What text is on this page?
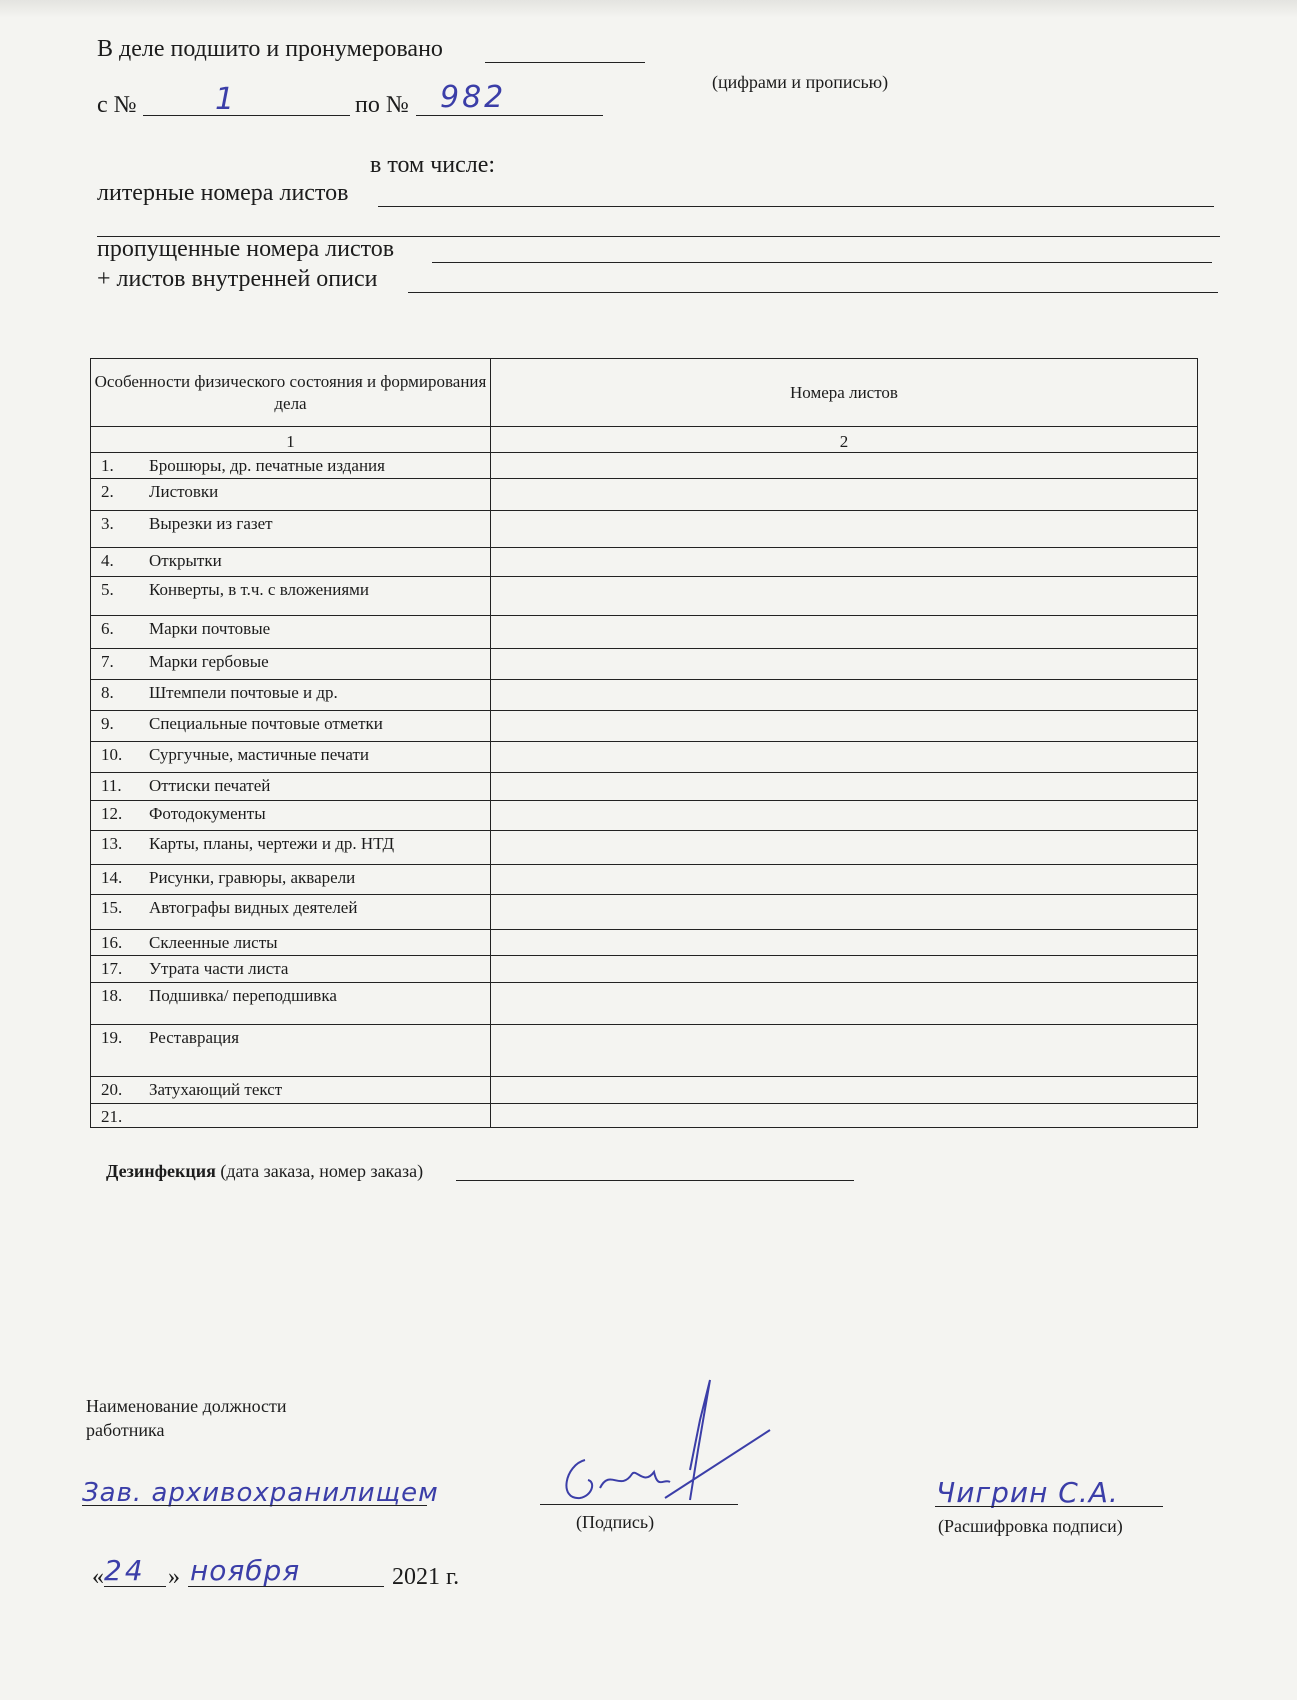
В деле подшито и пронумеровано
(цифрами и прописью)
с №	1	по № 982
в том числе:
литерные номера листов
пропущенные номера листов
+ листов внутренней описи
Особенности физического состояния и формирования дела
Номера листов
1	2
1. Брошюры, др. печатные издания
2. Листовки
3. Вырезки из газет
4. Открытки
5. Конверты, в т.ч. с вложениями
6. Марки почтовые
7. Марки гербовые
8. Штемпели почтовые и др.
9. Специальные почтовые отметки
10. Сургучные, мастичные печати
11. Оттиски печатей
12. Фотодокументы
13. Карты, планы, чертежи и др. НТД
14. Рисунки, гравюры, акварели
15. Автографы видных деятелей
16. Склеенные листы
17. Утрата части листа
18. Подшивка/ переподшивка
19. Реставрация
20. Затухающий текст
21.
Дезинфекция (дата заказа, номер заказа)
Наименование должности
работника
Зав. архивохранилищем
(Подпись)
Чигрин С.А.
(Расшифровка подписи)
« 24 » ноября	2021 г.
